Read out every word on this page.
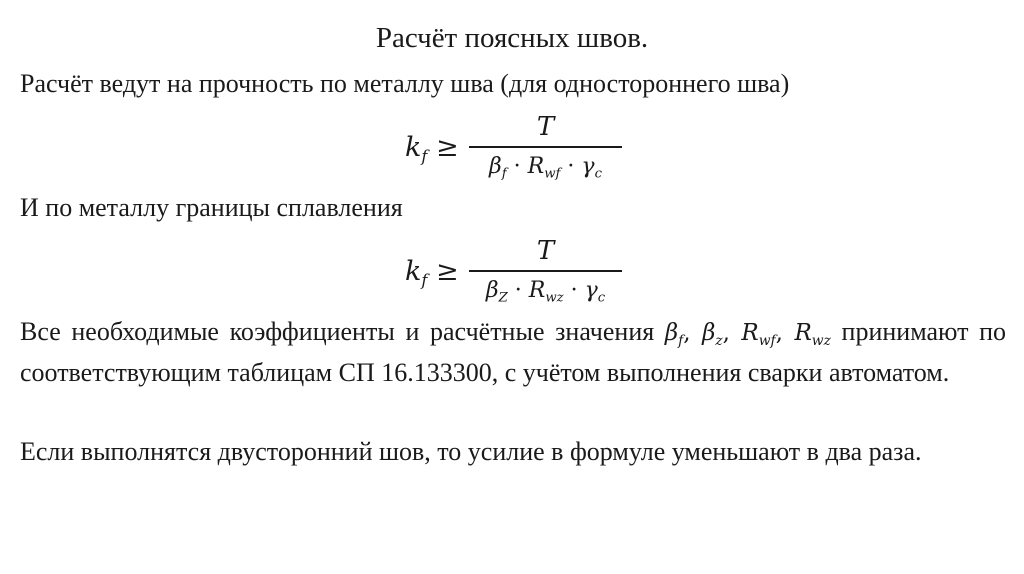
Расчёт поясных швов.
Расчёт ведут на прочность по металлу шва (для одностороннего шва)
$k_f$ ≥
T
$\beta_f \cdot R_{wf} \cdot \gamma_c$
И по металлу границы сплавления
$k_f$ ≥
T
$\beta_Z \cdot R_{wz} \cdot \gamma_c$
Все необходимые коэффициенты и расчётные значения $\beta_f$, $\beta_z$, $R_{wf}$, $R_{wz}$ принимают по соответствующим таблицам СП 16.133300, с учётом выполнения сварки автоматом.
Если выполнятся двусторонний шов, то усилие в формуле уменьшают в два раза.
